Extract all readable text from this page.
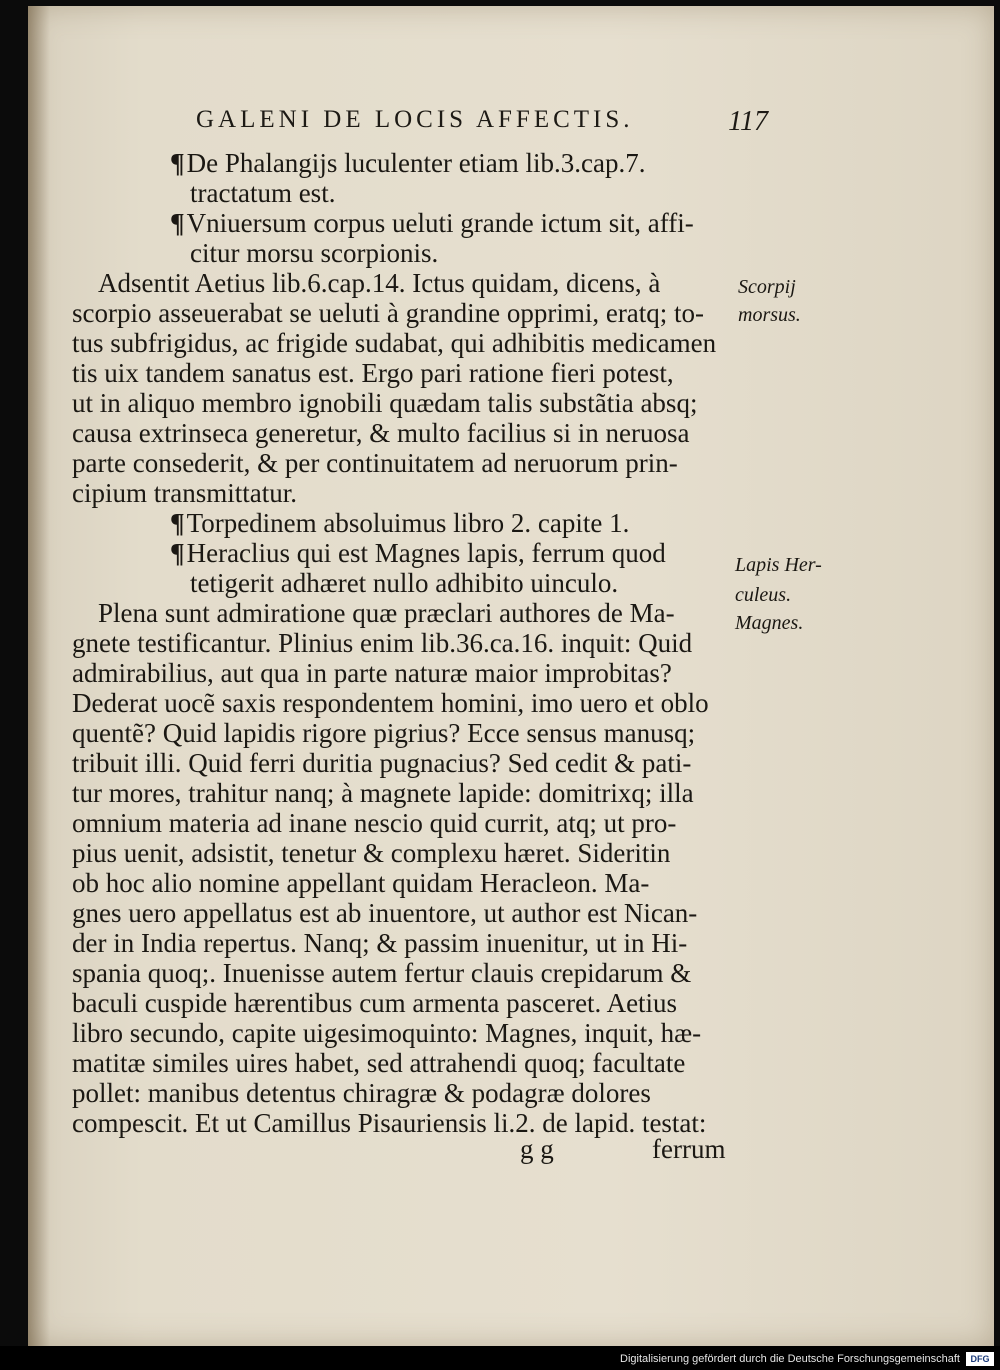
GALENI DE LOCIS AFFECTIS.	117
¶De Phalangijs luculenter etiam lib.3.cap.7.
tractatum est.
¶Vniuersum corpus ueluti grande ictum sit, affi-
citur morsu scorpionis.
Adsentit Aetius lib.6.cap.14. Ictus quidam, dicens, à
scorpio asseuerabat se ueluti à grandine opprimi, eratq; to-
tus subfrigidus, ac frigide sudabat, qui adhibitis medicamen
tis uix tandem sanatus est. Ergo pari ratione fieri potest,
ut in aliquo membro ignobili quædam talis substãtia absq;
causa extrinseca generetur, & multo facilius si in neruosa
parte consederit, & per continuitatem ad neruorum prin-
cipium transmittatur.
¶Torpedinem absoluimus libro 2. capite 1.
¶Heraclius qui est Magnes lapis, ferrum quod
tetigerit adhæret nullo adhibito uinculo.
Plena sunt admiratione quæ præclari authores de Ma-
gnete testificantur. Plinius enim lib.36.ca.16. inquit: Quid
admirabilius, aut qua in parte naturæ maior improbitas?
Dederat uocẽ saxis respondentem homini, imo uero et oblo
quentẽ? Quid lapidis rigore pigrius? Ecce sensus manusq;
tribuit illi. Quid ferri duritia pugnacius? Sed cedit & pati-
tur mores, trahitur nanq; à magnete lapide: domitrixq; illa
omnium materia ad inane nescio quid currit, atq; ut pro-
pius uenit, adsistit, tenetur & complexu hæret. Sideritin
ob hoc alio nomine appellant quidam Heracleon. Ma-
gnes uero appellatus est ab inuentore, ut author est Nican-
der in India repertus. Nanq; & passim inuenitur, ut in Hi-
spania quoq;. Inuenisse autem fertur clauis crepidarum &
baculi cuspide hærentibus cum armenta pasceret. Aetius
libro secundo, capite uigesimoquinto: Magnes, inquit, hæ-
matitæ similes uires habet, sed attrahendi quoq; facultate
pollet: manibus detentus chiragræ & podagræ dolores
compescit. Et ut Camillus Pisauriensis li.2. de lapid. testat:
g g	ferrum
Scorpij
morsus.
Lapis Her-
culeus.
Magnes.
Digitalisierung gefördert durch die Deutsche Forschungsgemeinschaft	DFG
